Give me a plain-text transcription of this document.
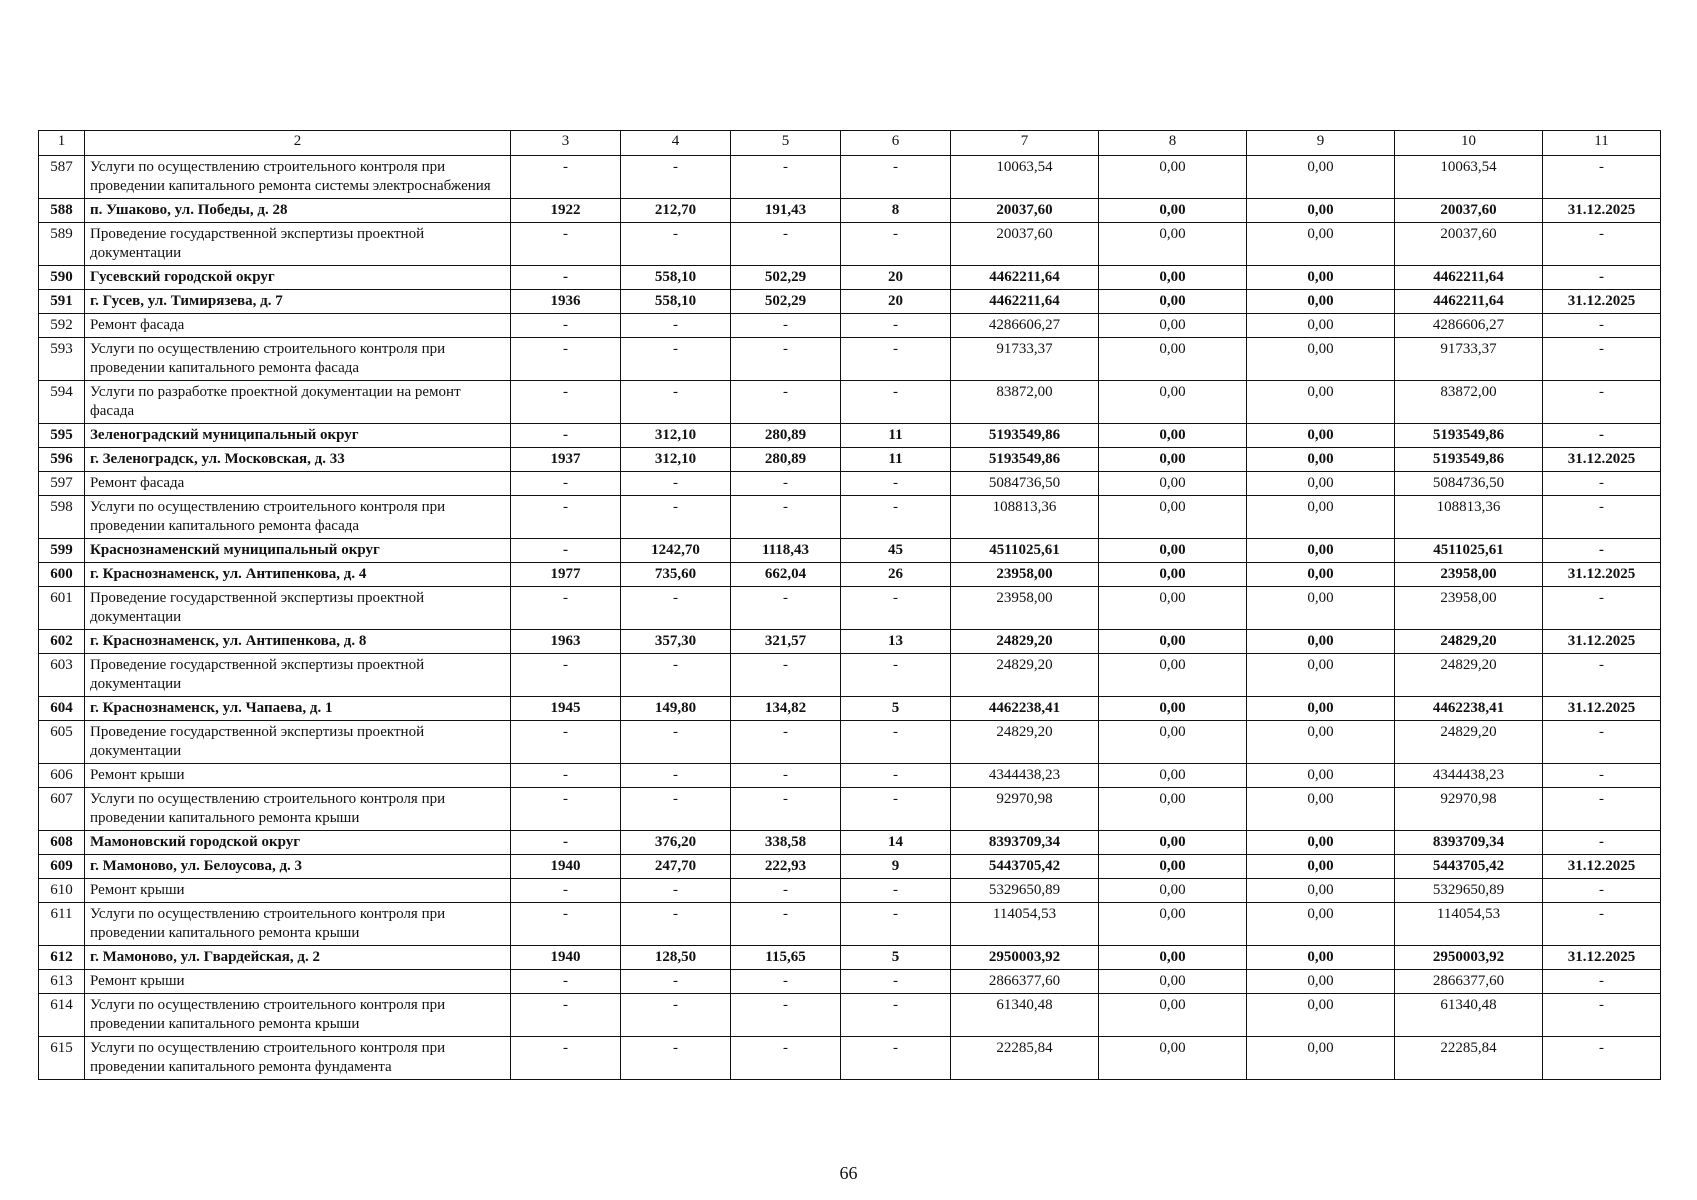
1	2	3	4	5	6	7	8	9	10	11
587	Услуги по осуществлению строительного контроля при проведении капитального ремонта системы электроснабжения	-	-	-	-	10063,54	0,00	0,00	10063,54	-
588	п. Ушаково, ул. Победы, д. 28	1922	212,70	191,43	8	20037,60	0,00	0,00	20037,60	31.12.2025
589	Проведение государственной экспертизы проектной документации	-	-	-	-	20037,60	0,00	0,00	20037,60	-
590	Гусевский городской округ	-	558,10	502,29	20	4462211,64	0,00	0,00	4462211,64	-
591	г. Гусев, ул. Тимирязева, д. 7	1936	558,10	502,29	20	4462211,64	0,00	0,00	4462211,64	31.12.2025
592	Ремонт фасада	-	-	-	-	4286606,27	0,00	0,00	4286606,27	-
593	Услуги по осуществлению строительного контроля при проведении капитального ремонта фасада	-	-	-	-	91733,37	0,00	0,00	91733,37	-
594	Услуги по разработке проектной документации на ремонт фасада	-	-	-	-	83872,00	0,00	0,00	83872,00	-
595	Зеленоградский муниципальный округ	-	312,10	280,89	11	5193549,86	0,00	0,00	5193549,86	-
596	г. Зеленоградск, ул. Московская, д. 33	1937	312,10	280,89	11	5193549,86	0,00	0,00	5193549,86	31.12.2025
597	Ремонт фасада	-	-	-	-	5084736,50	0,00	0,00	5084736,50	-
598	Услуги по осуществлению строительного контроля при проведении капитального ремонта фасада	-	-	-	-	108813,36	0,00	0,00	108813,36	-
599	Краснознаменский муниципальный округ	-	1242,70	1118,43	45	4511025,61	0,00	0,00	4511025,61	-
600	г. Краснознаменск, ул. Антипенкова, д. 4	1977	735,60	662,04	26	23958,00	0,00	0,00	23958,00	31.12.2025
601	Проведение государственной экспертизы проектной документации	-	-	-	-	23958,00	0,00	0,00	23958,00	-
602	г. Краснознаменск, ул. Антипенкова, д. 8	1963	357,30	321,57	13	24829,20	0,00	0,00	24829,20	31.12.2025
603	Проведение государственной экспертизы проектной документации	-	-	-	-	24829,20	0,00	0,00	24829,20	-
604	г. Краснознаменск, ул. Чапаева, д. 1	1945	149,80	134,82	5	4462238,41	0,00	0,00	4462238,41	31.12.2025
605	Проведение государственной экспертизы проектной документации	-	-	-	-	24829,20	0,00	0,00	24829,20	-
606	Ремонт крыши	-	-	-	-	4344438,23	0,00	0,00	4344438,23	-
607	Услуги по осуществлению строительного контроля при проведении капитального ремонта крыши	-	-	-	-	92970,98	0,00	0,00	92970,98	-
608	Мамоновский городской округ	-	376,20	338,58	14	8393709,34	0,00	0,00	8393709,34	-
609	г. Мамоново, ул. Белоусова, д. 3	1940	247,70	222,93	9	5443705,42	0,00	0,00	5443705,42	31.12.2025
610	Ремонт крыши	-	-	-	-	5329650,89	0,00	0,00	5329650,89	-
611	Услуги по осуществлению строительного контроля при проведении капитального ремонта крыши	-	-	-	-	114054,53	0,00	0,00	114054,53	-
612	г. Мамоново, ул. Гвардейская, д. 2	1940	128,50	115,65	5	2950003,92	0,00	0,00	2950003,92	31.12.2025
613	Ремонт крыши	-	-	-	-	2866377,60	0,00	0,00	2866377,60	-
614	Услуги по осуществлению строительного контроля при проведении капитального ремонта крыши	-	-	-	-	61340,48	0,00	0,00	61340,48	-
615	Услуги по осуществлению строительного контроля при проведении капитального ремонта фундамента	-	-	-	-	22285,84	0,00	0,00	22285,84	-
66
